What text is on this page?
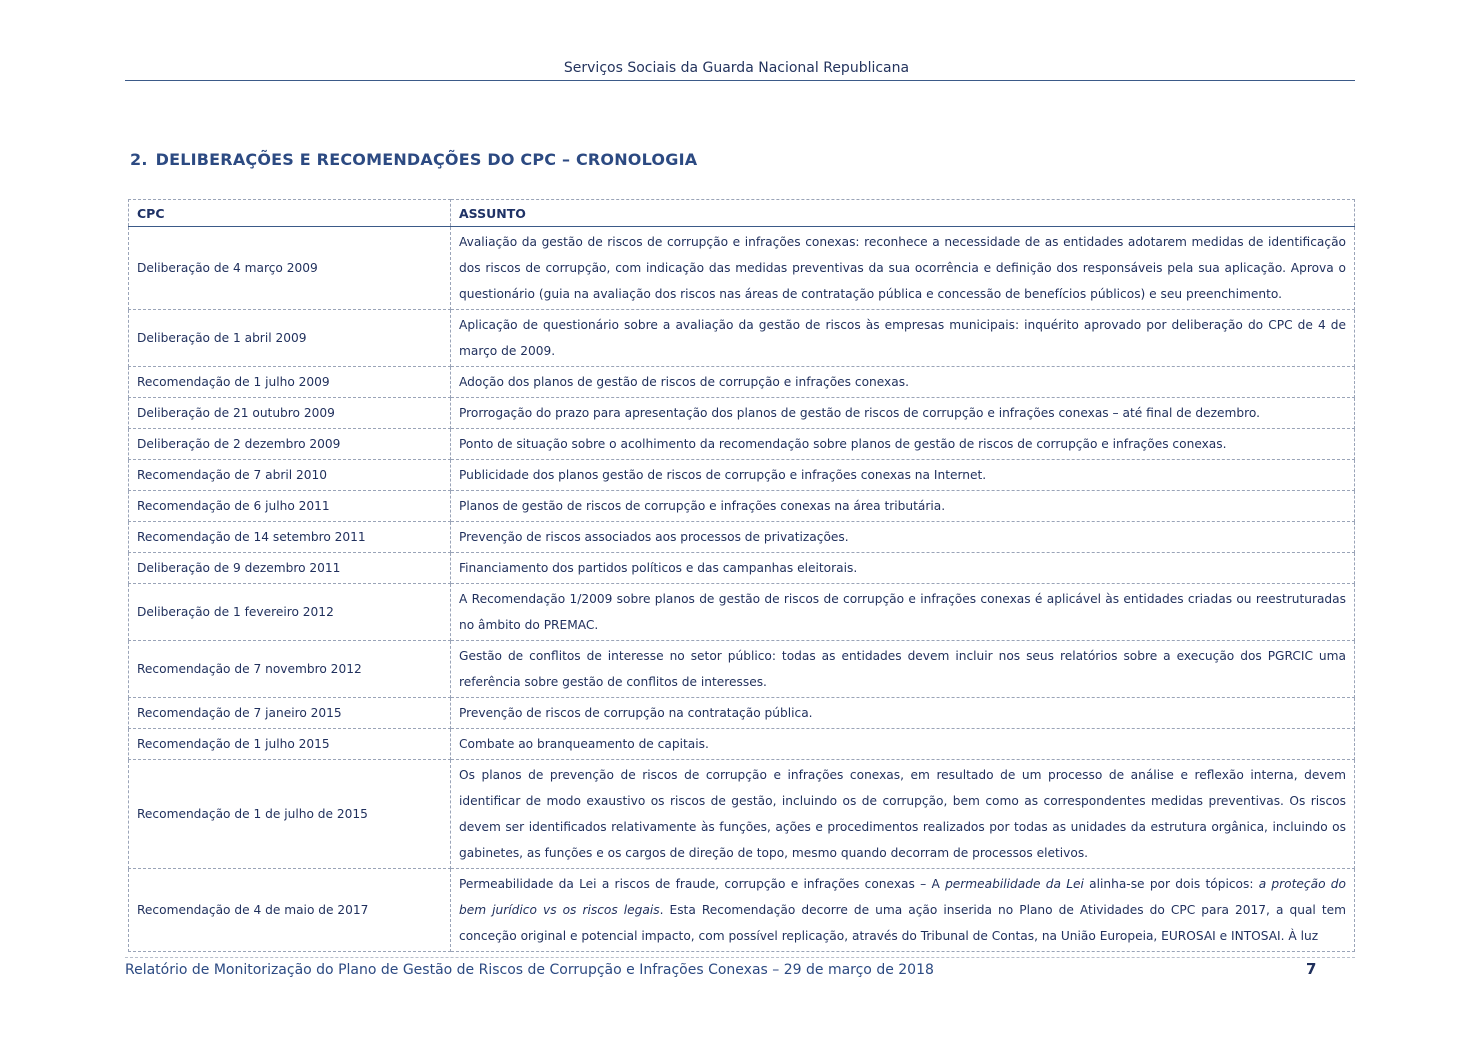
Serviços Sociais da Guarda Nacional Republicana
2. DELIBERAÇÕES E RECOMENDAÇÕES DO CPC – CRONOLOGIA
CPC	ASSUNTO
Deliberação de 4 março 2009	Avaliação da gestão de riscos de corrupção e infrações conexas: reconhece a necessidade de as entidades adotarem medidas de identificação dos riscos de corrupção, com indicação das medidas preventivas da sua ocorrência e definição dos responsáveis pela sua aplicação. Aprova o questionário (guia na avaliação dos riscos nas áreas de contratação pública e concessão de benefícios públicos) e seu preenchimento.
Deliberação de 1 abril 2009	Aplicação de questionário sobre a avaliação da gestão de riscos às empresas municipais: inquérito aprovado por deliberação do CPC de 4 de março de 2009.
Recomendação de 1 julho 2009	Adoção dos planos de gestão de riscos de corrupção e infrações conexas.
Deliberação de 21 outubro 2009	Prorrogação do prazo para apresentação dos planos de gestão de riscos de corrupção e infrações conexas – até final de dezembro.
Deliberação de 2 dezembro 2009	Ponto de situação sobre o acolhimento da recomendação sobre planos de gestão de riscos de corrupção e infrações conexas.
Recomendação de 7 abril 2010	Publicidade dos planos gestão de riscos de corrupção e infrações conexas na Internet.
Recomendação de 6 julho 2011	Planos de gestão de riscos de corrupção e infrações conexas na área tributária.
Recomendação de 14 setembro 2011	Prevenção de riscos associados aos processos de privatizações.
Deliberação de 9 dezembro 2011	Financiamento dos partidos políticos e das campanhas eleitorais.
Deliberação de 1 fevereiro 2012	A Recomendação 1/2009 sobre planos de gestão de riscos de corrupção e infrações conexas é aplicável às entidades criadas ou reestruturadas no âmbito do PREMAC.
Recomendação de 7 novembro 2012	Gestão de conflitos de interesse no setor público: todas as entidades devem incluir nos seus relatórios sobre a execução dos PGRCIC uma referência sobre gestão de conflitos de interesses.
Recomendação de 7 janeiro 2015	Prevenção de riscos de corrupção na contratação pública.
Recomendação de 1 julho 2015	Combate ao branqueamento de capitais.
Recomendação de 1 de julho de 2015	Os planos de prevenção de riscos de corrupção e infrações conexas, em resultado de um processo de análise e reflexão interna, devem identificar de modo exaustivo os riscos de gestão, incluindo os de corrupção, bem como as correspondentes medidas preventivas. Os riscos devem ser identificados relativamente às funções, ações e procedimentos realizados por todas as unidades da estrutura orgânica, incluindo os gabinetes, as funções e os cargos de direção de topo, mesmo quando decorram de processos eletivos.
Recomendação de 4 de maio de 2017	Permeabilidade da Lei a riscos de fraude, corrupção e infrações conexas – A permeabilidade da Lei alinha-se por dois tópicos: a proteção do bem jurídico vs os riscos legais. Esta Recomendação decorre de uma ação inserida no Plano de Atividades do CPC para 2017, a qual tem conceção original e potencial impacto, com possível replicação, através do Tribunal de Contas, na União Europeia, EUROSAI e INTOSAI. À luz
Relatório de Monitorização do Plano de Gestão de Riscos de Corrupção e Infrações Conexas – 29 de março de 2018	7
